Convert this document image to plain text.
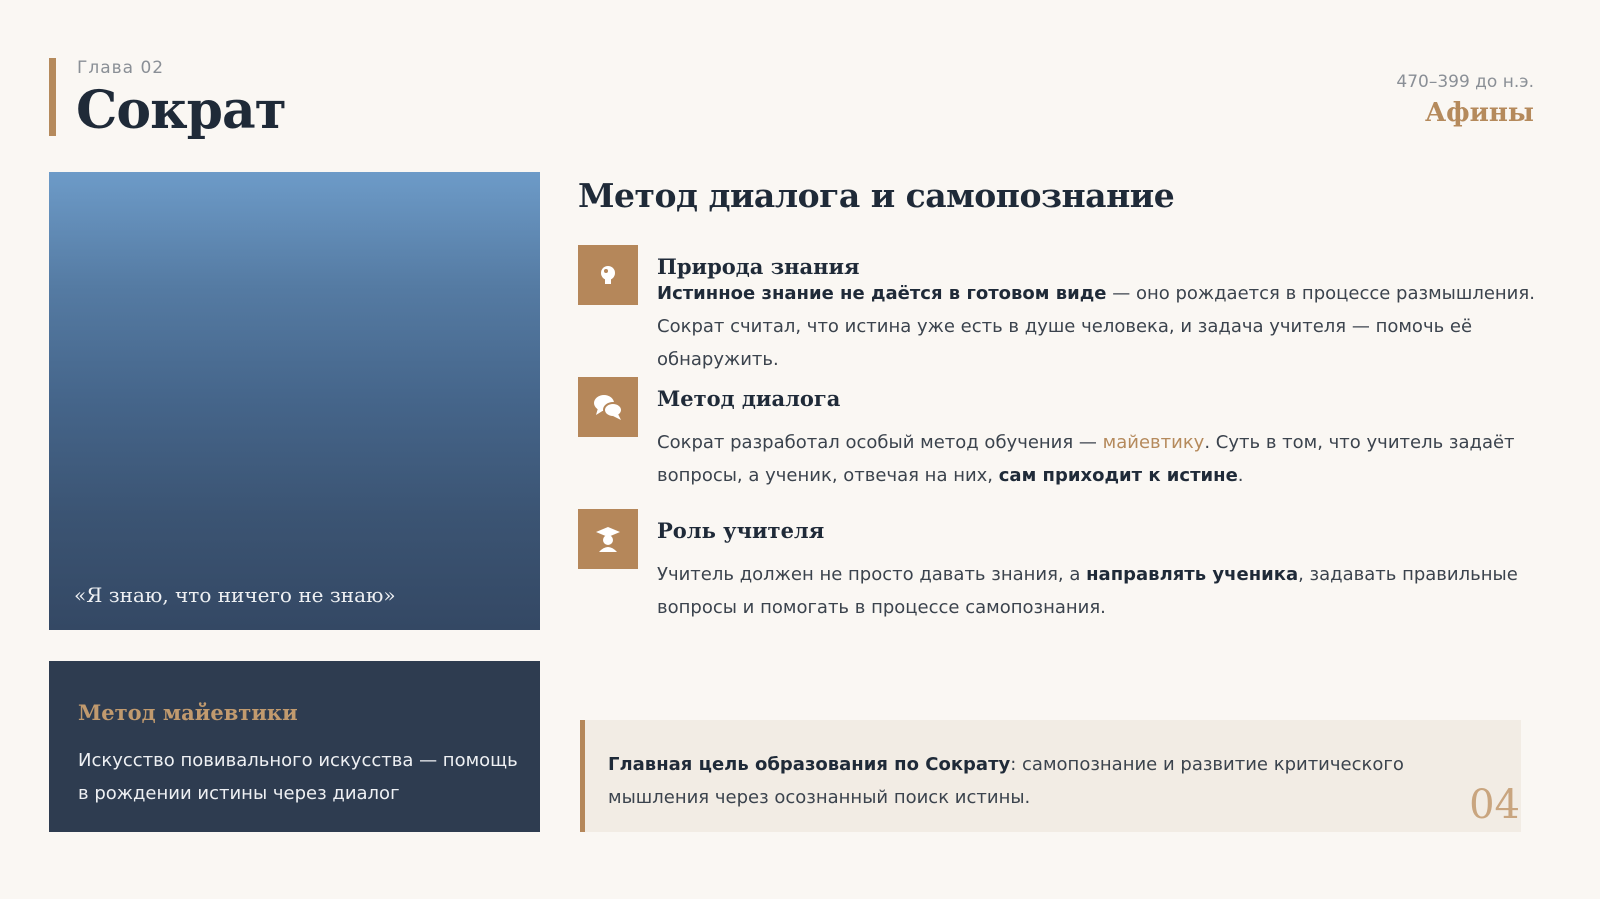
Глава 02
Сократ	470–399 до н.э.
Афины
«Я знаю, что ничего не знаю»
Метод майевтики
Искусство повивального искусства — помощь в рождении истины через диалог
Метод диалога и самопознание
Природа знания
Истинное знание не даётся в готовом виде — оно рождается в процессе размышления. Сократ считал, что истина уже есть в душе человека, и задача учителя — помочь её обнаружить.
Метод диалога
Сократ разработал особый метод обучения — майевтику. Суть в том, что учитель задаёт вопросы, а ученик, отвечая на них, сам приходит к истине.
Роль учителя
Учитель должен не просто давать знания, а направлять ученика, задавать правильные вопросы и помогать в процессе самопознания.
Главная цель образования по Сократу: самопознание и развитие критического мышления через осознанный поиск истины.	04
